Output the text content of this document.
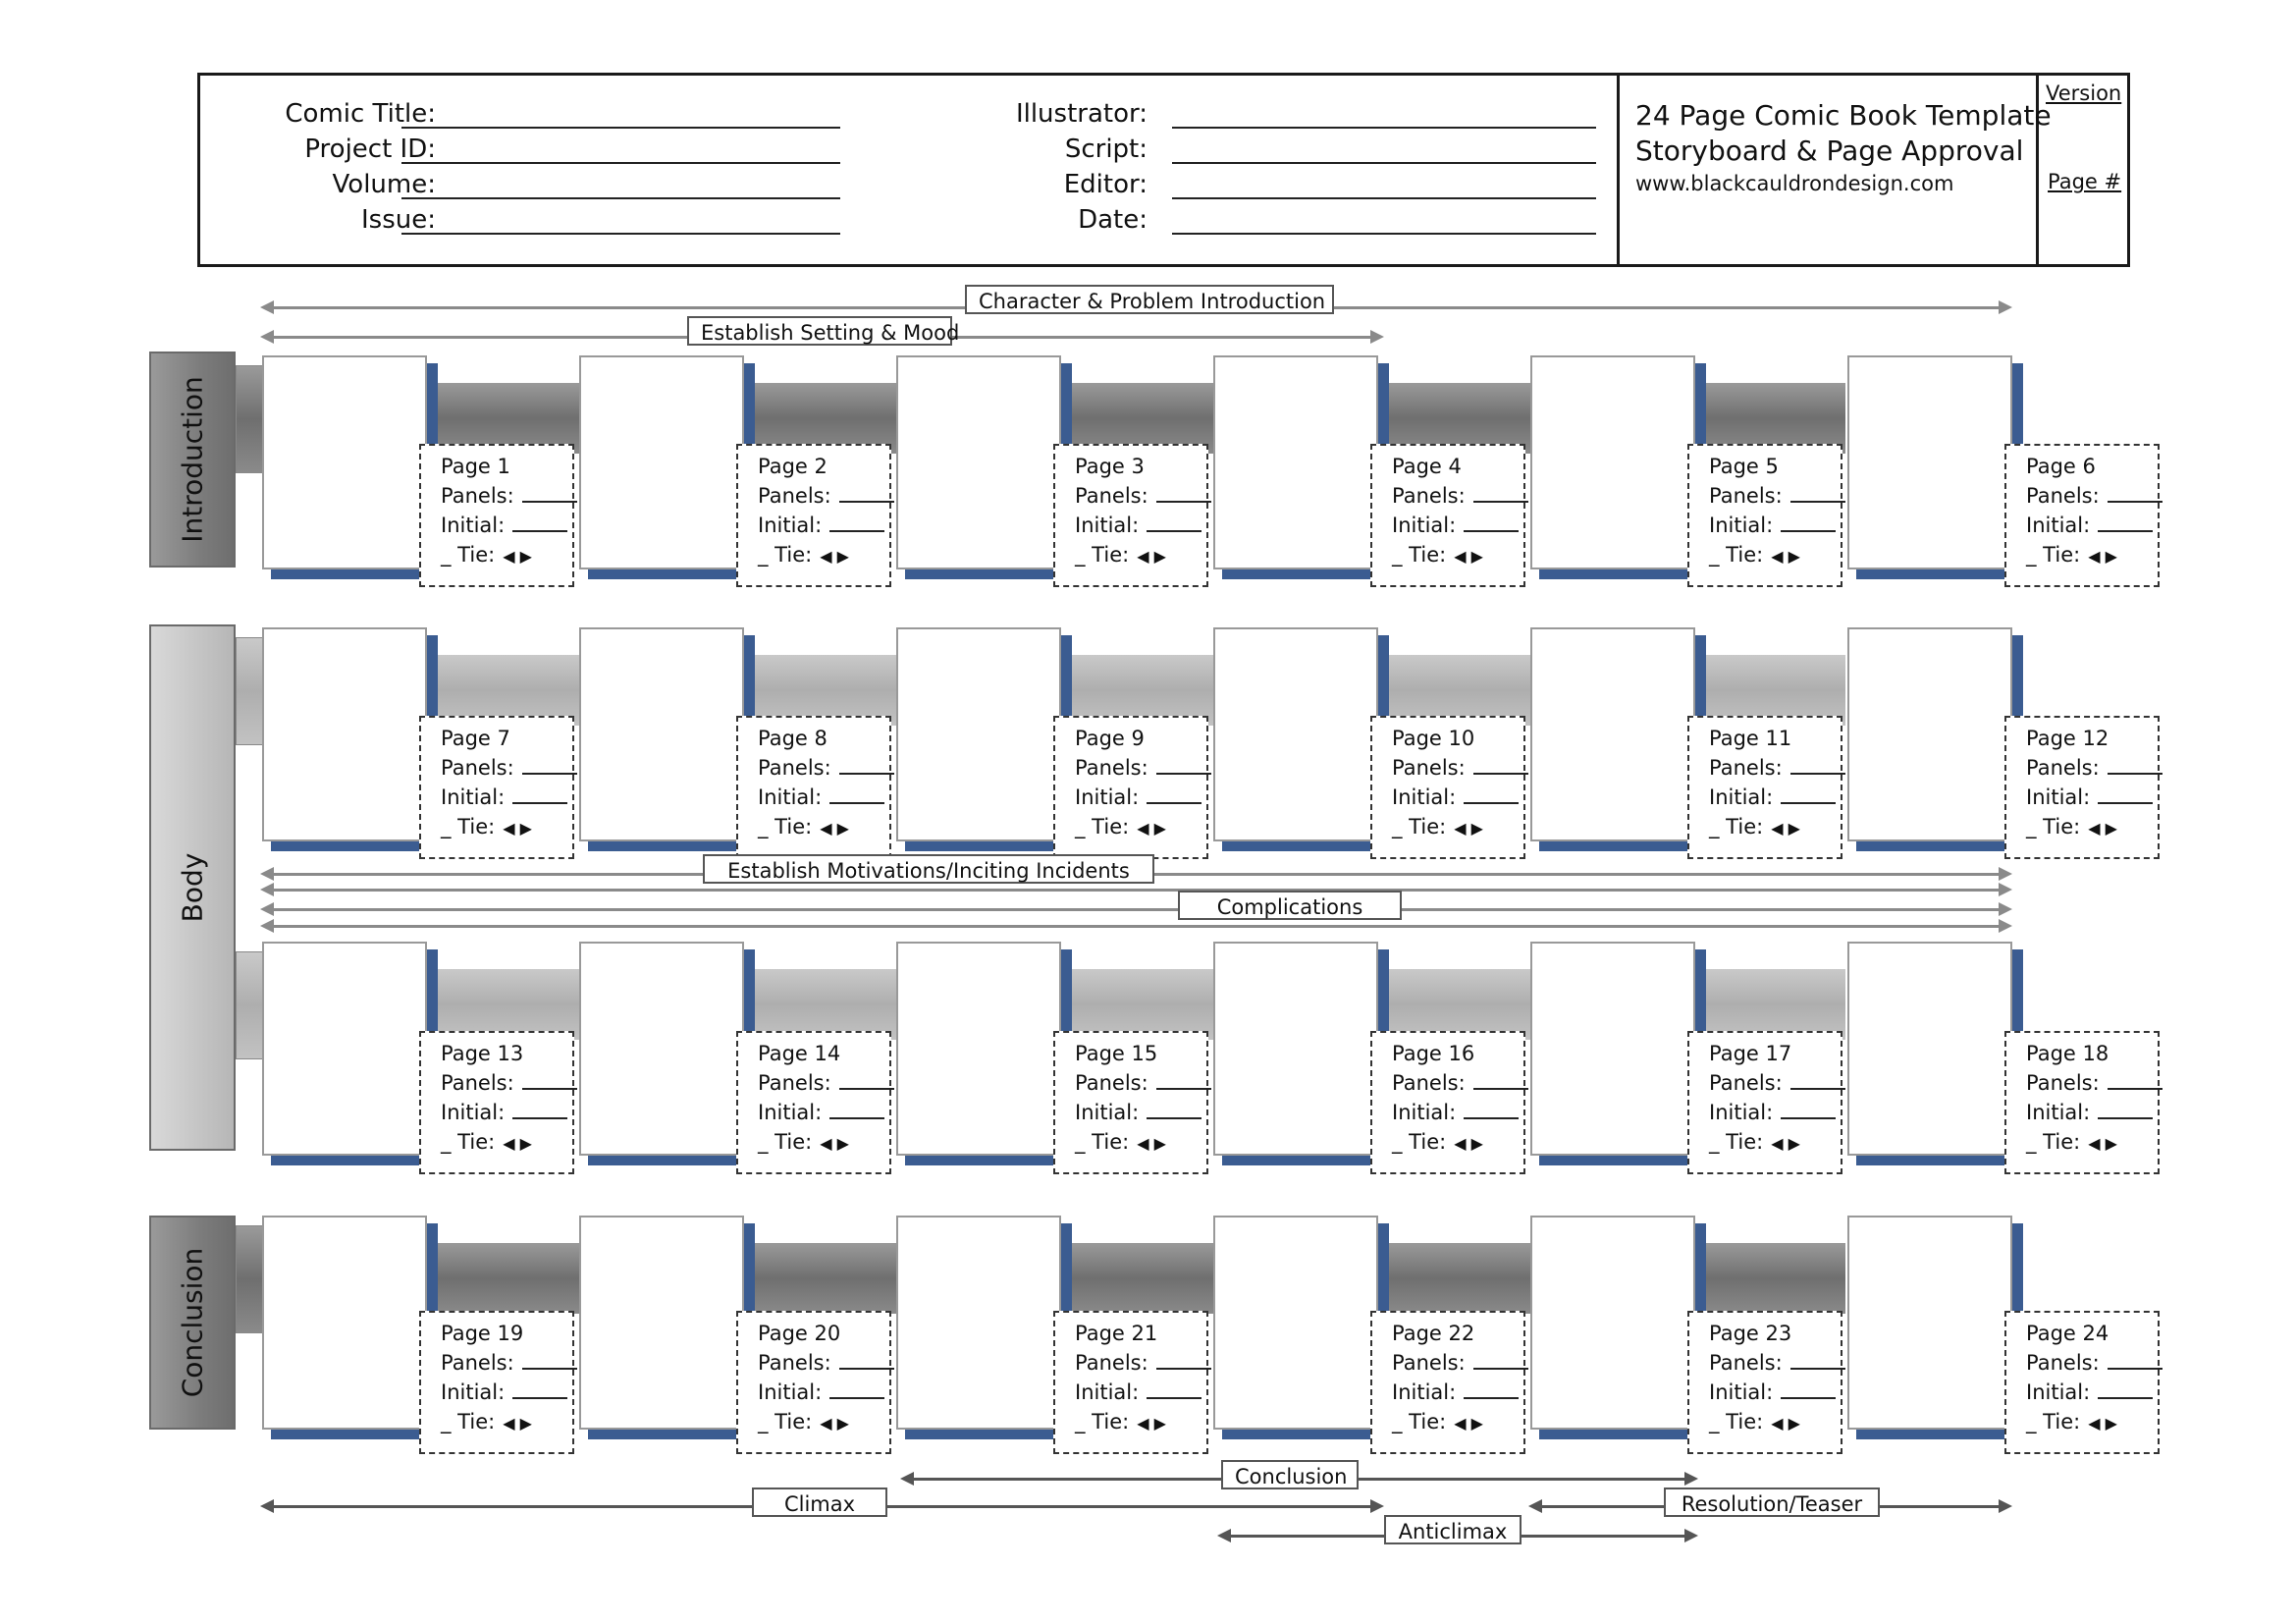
Comic Title:
Project ID:
Volume:
Issue:
Illustrator:
Script:
Editor:
Date:
24 Page Comic Book Template
Storyboard & Page Approval
www.blackcauldrondesign.com
Version
Page #
Introduction
Body
Conclusion
Page 1
Panels:
Initial:
_ Tie: ◀ ▶
Page 2
Panels:
Initial:
_ Tie: ◀ ▶
Page 3
Panels:
Initial:
_ Tie: ◀ ▶
Page 4
Panels:
Initial:
_ Tie: ◀ ▶
Page 5
Panels:
Initial:
_ Tie: ◀ ▶
Page 6
Panels:
Initial:
_ Tie: ◀ ▶
Page 7
Panels:
Initial:
_ Tie: ◀ ▶
Page 8
Panels:
Initial:
_ Tie: ◀ ▶
Page 9
Panels:
Initial:
_ Tie: ◀ ▶
Page 10
Panels:
Initial:
_ Tie: ◀ ▶
Page 11
Panels:
Initial:
_ Tie: ◀ ▶
Page 12
Panels:
Initial:
_ Tie: ◀ ▶
Page 13
Panels:
Initial:
_ Tie: ◀ ▶
Page 14
Panels:
Initial:
_ Tie: ◀ ▶
Page 15
Panels:
Initial:
_ Tie: ◀ ▶
Page 16
Panels:
Initial:
_ Tie: ◀ ▶
Page 17
Panels:
Initial:
_ Tie: ◀ ▶
Page 18
Panels:
Initial:
_ Tie: ◀ ▶
Page 19
Panels:
Initial:
_ Tie: ◀ ▶
Page 20
Panels:
Initial:
_ Tie: ◀ ▶
Page 21
Panels:
Initial:
_ Tie: ◀ ▶
Page 22
Panels:
Initial:
_ Tie: ◀ ▶
Page 23
Panels:
Initial:
_ Tie: ◀ ▶
Page 24
Panels:
Initial:
_ Tie: ◀ ▶
Character & Problem Introduction
Establish Setting & Mood
Establish Motivations/Inciting Incidents
Complications
Conclusion
Climax	Resolution/Teaser
Anticlimax
